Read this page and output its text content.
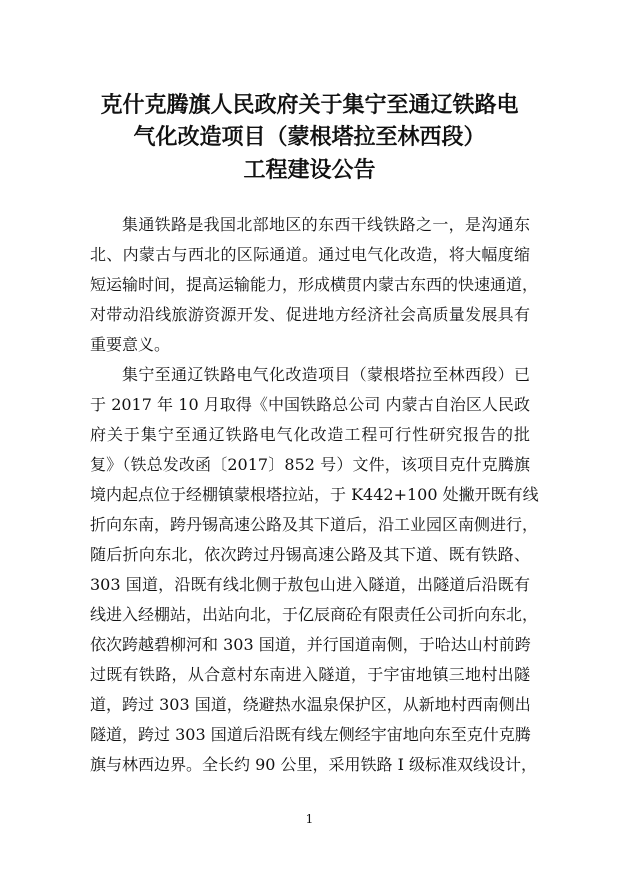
克什克腾旗人民政府关于集宁至通辽铁路电
气化改造项目（蒙根塔拉至林西段）
工程建设公告
集通铁路是我国北部地区的东西干线铁路之一，是沟通东
北、内蒙古与西北的区际通道。通过电气化改造，将大幅度缩
短运输时间，提高运输能力，形成横贯内蒙古东西的快速通道，
对带动沿线旅游资源开发、促进地方经济社会高质量发展具有
重要意义。
集宁至通辽铁路电气化改造项目（蒙根塔拉至林西段）已
于 2017 年 10 月取得《中国铁路总公司 内蒙古自治区人民政
府关于集宁至通辽铁路电气化改造工程可行性研究报告的批
复》（铁总发改函〔2017〕852 号）文件，该项目克什克腾旗
境内起点位于经棚镇蒙根塔拉站，于 K442+100 处撇开既有线
折向东南，跨丹锡高速公路及其下道后，沿工业园区南侧进行，
随后折向东北，依次跨过丹锡高速公路及其下道、既有铁路、
303 国道，沿既有线北侧于敖包山进入隧道，出隧道后沿既有
线进入经棚站，出站向北，于亿辰商砼有限责任公司折向东北，
依次跨越碧柳河和 303 国道，并行国道南侧，于哈达山村前跨
过既有铁路，从合意村东南进入隧道，于宇宙地镇三地村出隧
道，跨过 303 国道，绕避热水温泉保护区，从新地村西南侧出
隧道，跨过 303 国道后沿既有线左侧经宇宙地向东至克什克腾
旗与林西边界。全长约 90 公里，采用铁路 I 级标准双线设计，
1
